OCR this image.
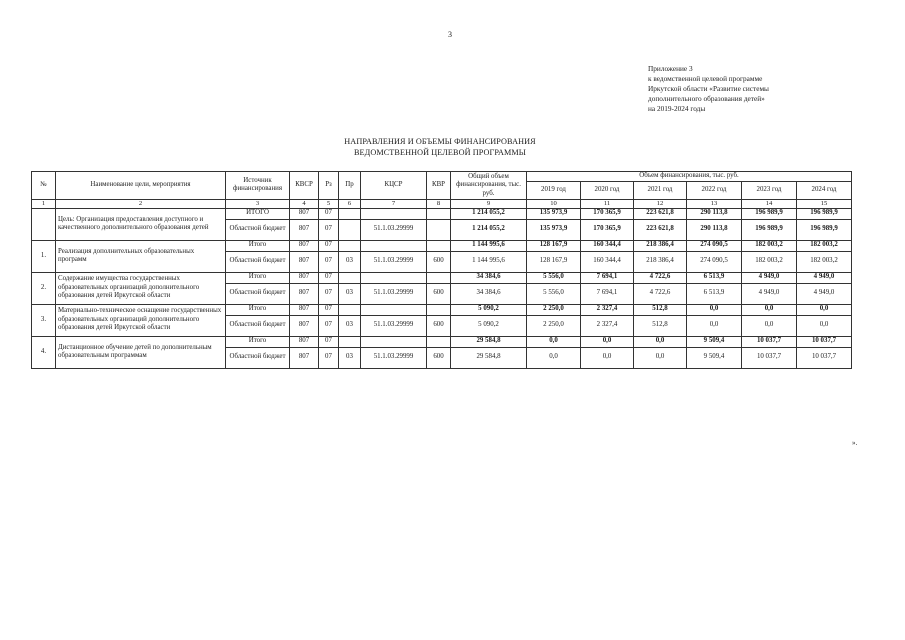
3
Приложение 3
к ведомственной целевой программе
Иркутской области «Развитие системы
дополнительного образования детей»
на 2019-2024 годы
НАПРАВЛЕНИЯ И ОБЪЕМЫ ФИНАНСИРОВАНИЯ
ВЕДОМСТВЕННОЙ ЦЕЛЕВОЙ ПРОГРАММЫ
№	Наименование цели, мероприятия	Источник финансирования	КВСР	Рз	Пр	КЦСР	КВР	Общий объем финансирования, тыс. руб.	Объем финансирования, тыс. руб.					
									2019 год	2020 год	2021 год	2022 год	2023 год	2024 год
1	2	3	4	5	6	7	8	9	10	11	12	13	14	15
	Цель: Организация предоставления доступного и качественного дополнительного образования детей	ИТОГО	807	07				1 214 055,2	135 973,9	170 365,9	223 621,8	290 113,8	196 989,9	196 989,9
		Областной бюджет	807	07		51.1.03.29999		1 214 055,2	135 973,9	170 365,9	223 621,8	290 113,8	196 989,9	196 989,9
1.	Реализация дополнительных образовательных программ	Итого	807	07				1 144 995,6	128 167,9	160 344,4	218 386,4	274 090,5	182 003,2	182 003,2
		Областной бюджет	807	07	03	51.1.03.29999	600	1 144 995,6	128 167,9	160 344,4	218 386,4	274 090,5	182 003,2	182 003,2
2.	Содержание имущества государственных образовательных организаций дополнительного образования детей Иркутской области	Итого	807	07				34 384,6	5 556,0	7 694,1	4 722,6	6 513,9	4 949,0	4 949,0
		Областной бюджет	807	07	03	51.1.03.29999	600	34 384,6	5 556,0	7 694,1	4 722,6	6 513,9	4 949,0	4 949,0
3.	Материально-техническое оснащение государственных образовательных организаций дополнительного образования детей Иркутской области	Итого	807	07				5 090,2	2 250,0	2 327,4	512,8	0,0	0,0	0,0
		Областной бюджет	807	07	03	51.1.03.29999	600	5 090,2	2 250,0	2 327,4	512,8	0,0	0,0	0,0
4.	Дистанционное обучение детей по дополнительным образовательным программам	Итого	807	07				29 584,8	0,0	0,0	0,0	9 509,4	10 037,7	10 037,7
		Областной бюджет	807	07	03	51.1.03.29999	600	29 584,8	0,0	0,0	0,0	9 509,4	10 037,7	10 037,7
».
